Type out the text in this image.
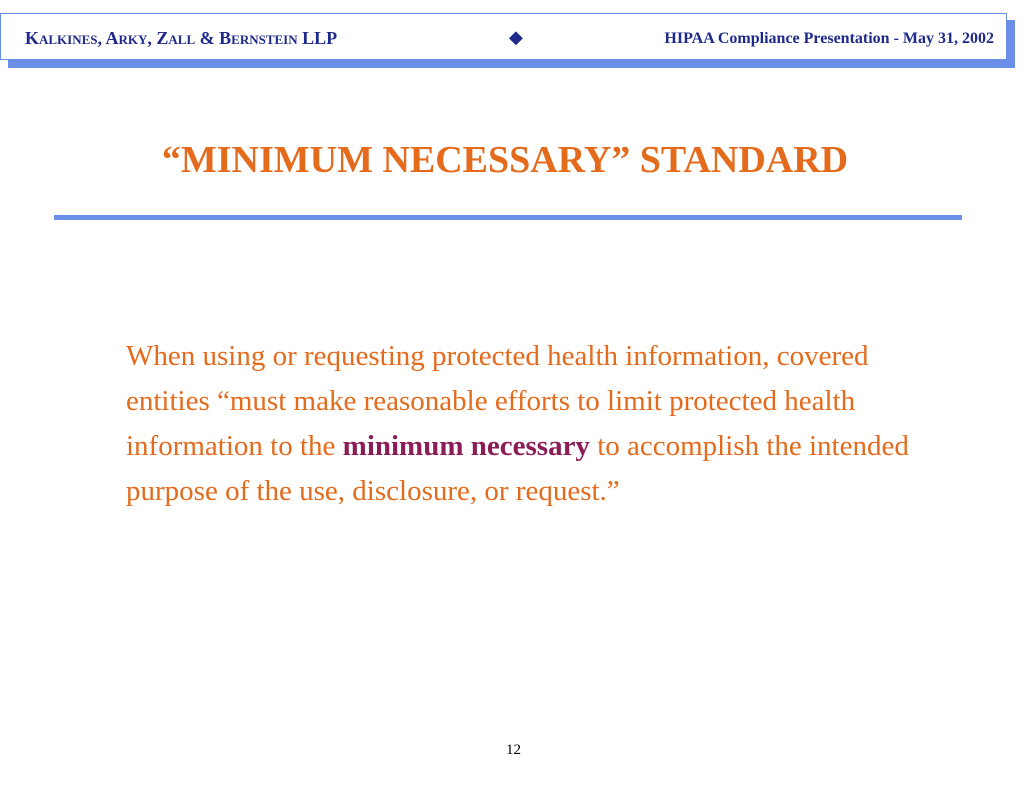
Kalkines, Arky, Zall & Bernstein LLP	◆	HIPAA Compliance Presentation - May 31, 2002
“MINIMUM NECESSARY” STANDARD
When using or requesting protected health information, covered entities “must make reasonable efforts to limit protected health information to the minimum necessary to accomplish the intended purpose of the use, disclosure, or request.”
12
